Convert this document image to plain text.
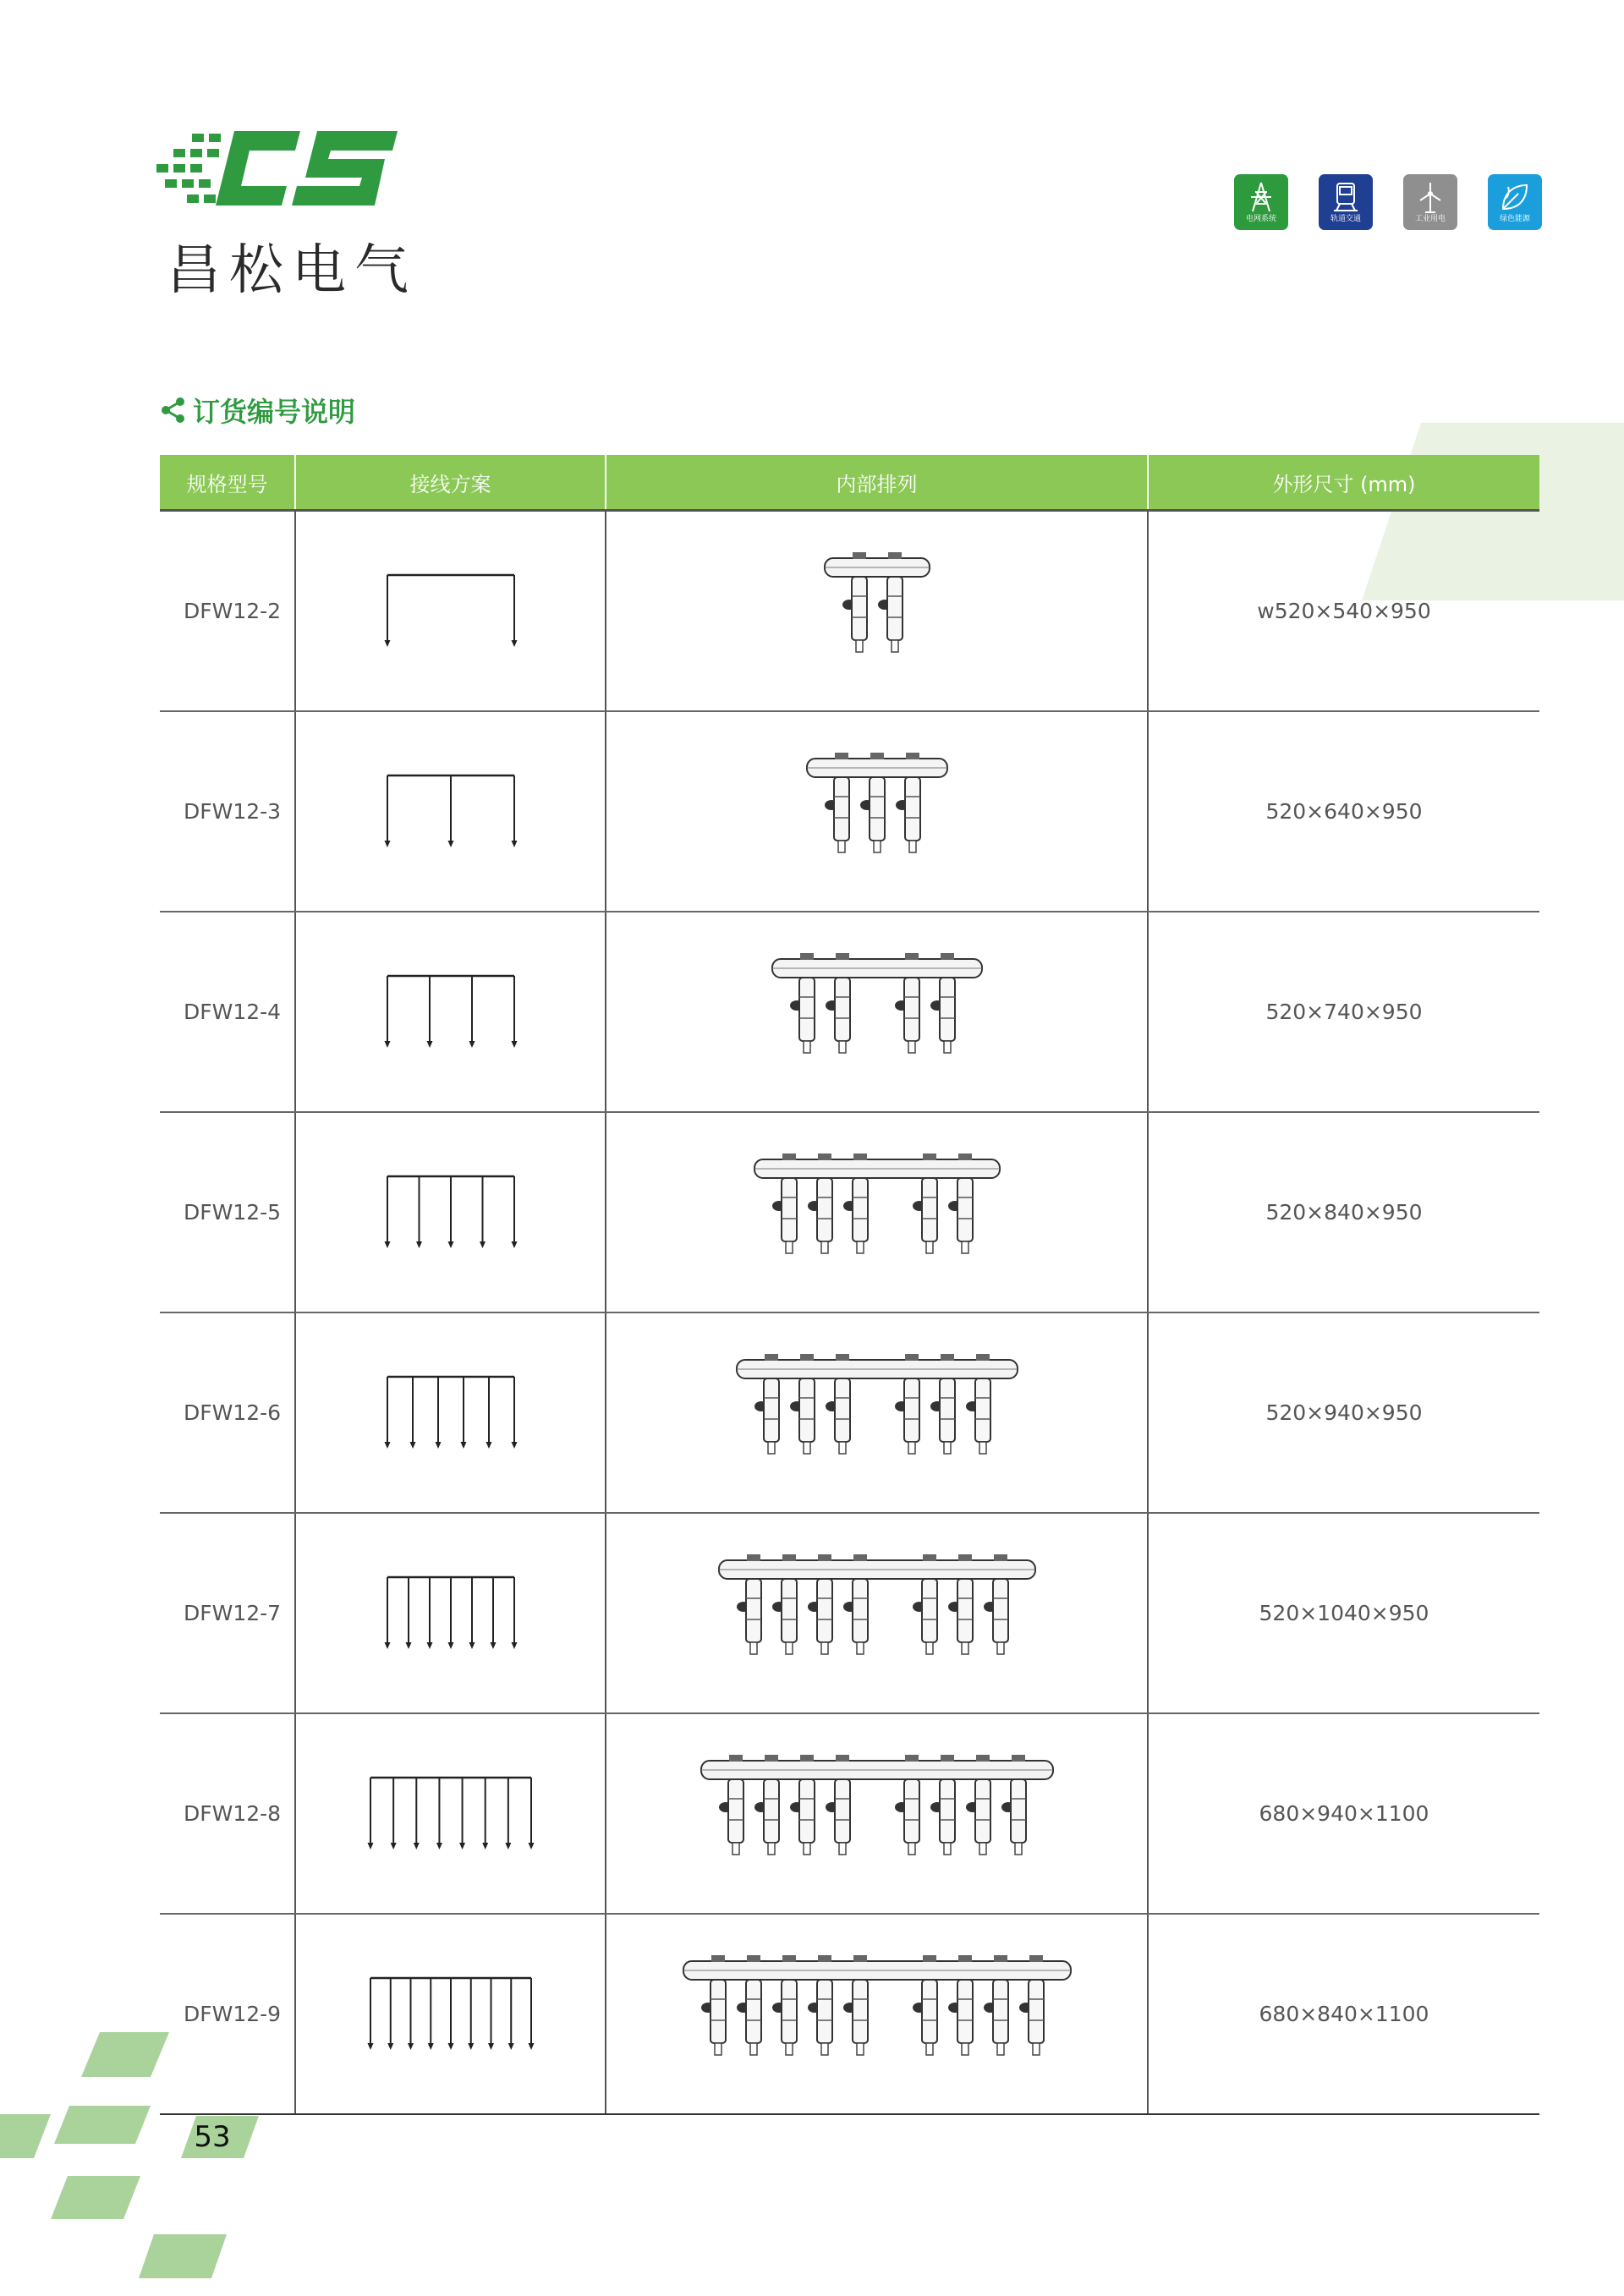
昌松电气
电网系统	轨道交通	工业用电	绿色能源
订货编号说明
规格型号	接线方案	内部排列	外形尺寸 (mm)
DFW12-2			w520×540×950
DFW12-3			520×640×950
DFW12-4			520×740×950
DFW12-5			520×840×950
DFW12-6			520×940×950
DFW12-7			520×1040×950
DFW12-8			680×940×1100
DFW12-9			680×840×1100
53
